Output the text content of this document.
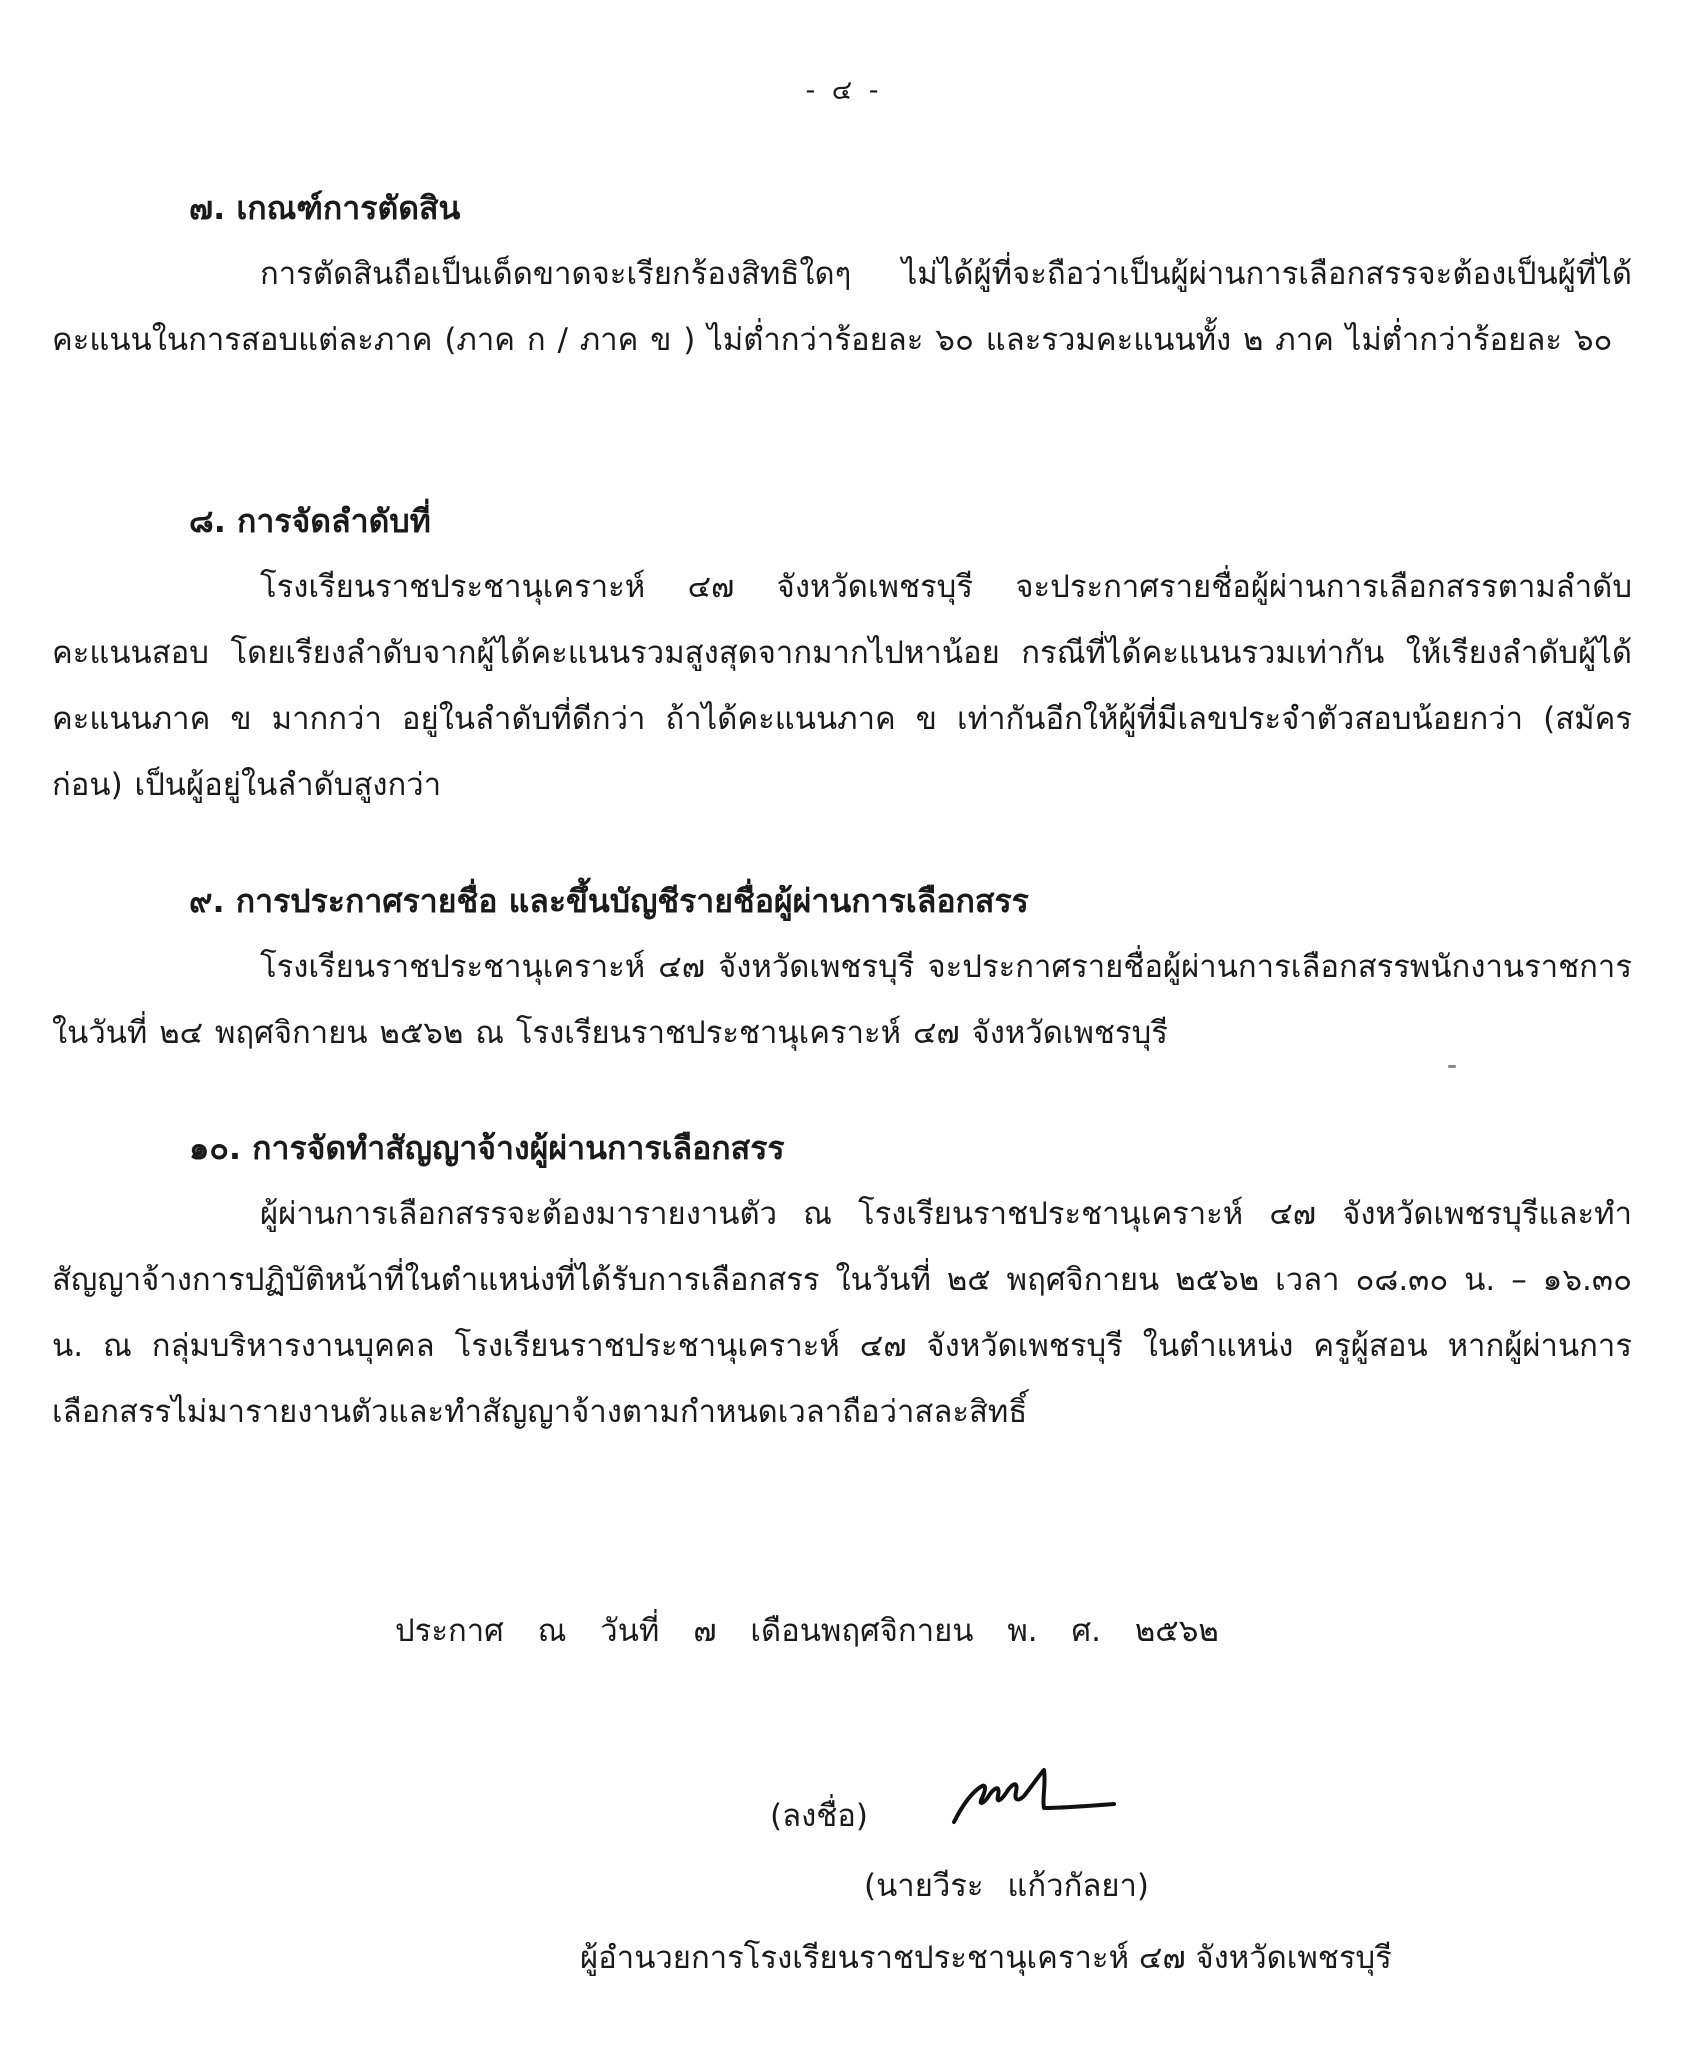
- ๔ -

๗. เกณฑ์การตัดสิน

การตัดสินถือเป็นเด็ดขาดจะเรียกร้องสิทธิใดๆ ไม่ได้ผู้ที่จะถือว่าเป็นผู้ผ่านการเลือกสรรจะต้องเป็นผู้ที่ได้คะแนนในการสอบแต่ละภาค (ภาค ก / ภาค ข ) ไม่ต่ำกว่าร้อยละ ๖๐ และรวมคะแนนทั้ง ๒ ภาค ไม่ต่ำกว่าร้อยละ ๖๐

๘. การจัดลำดับที่

โรงเรียนราชประชานุเคราะห์ ๔๗ จังหวัดเพชรบุรี จะประกาศรายชื่อผู้ผ่านการเลือกสรรตามลำดับคะแนนสอบ โดยเรียงลำดับจากผู้ได้คะแนนรวมสูงสุดจากมากไปหาน้อย กรณีที่ได้คะแนนรวมเท่ากัน ให้เรียงลำดับผู้ได้คะแนนภาค ข มากกว่า อยู่ในลำดับที่ดีกว่า ถ้าได้คะแนนภาค ข เท่ากันอีกให้ผู้ที่มีเลขประจำตัวสอบน้อยกว่า (สมัครก่อน) เป็นผู้อยู่ในลำดับสูงกว่า

๙. การประกาศรายชื่อ และขึ้นบัญชีรายชื่อผู้ผ่านการเลือกสรร

โรงเรียนราชประชานุเคราะห์ ๔๗ จังหวัดเพชรบุรี จะประกาศรายชื่อผู้ผ่านการเลือกสรรพนักงานราชการ ในวันที่ ๒๔ พฤศจิกายน ๒๕๖๒ ณ โรงเรียนราชประชานุเคราะห์ ๔๗ จังหวัดเพชรบุรี

๑๐. การจัดทำสัญญาจ้างผู้ผ่านการเลือกสรร

ผู้ผ่านการเลือกสรรจะต้องมารายงานตัว ณ โรงเรียนราชประชานุเคราะห์ ๔๗ จังหวัดเพชรบุรีและทำสัญญาจ้างการปฏิบัติหน้าที่ในตำแหน่งที่ได้รับการเลือกสรร ในวันที่ ๒๕ พฤศจิกายน ๒๕๖๒ เวลา ๐๘.๓๐ น. – ๑๖.๓๐ น. ณ กลุ่มบริหารงานบุคคล โรงเรียนราชประชานุเคราะห์ ๔๗ จังหวัดเพชรบุรี ในตำแหน่ง ครูผู้สอน หากผู้ผ่านการเลือกสรรไม่มารายงานตัวและทำสัญญาจ้างตามกำหนดเวลาถือว่าสละสิทธิ์

ประกาศ ณ วันที่ ๗ เดือนพฤศจิกายน พ. ศ. ๒๕๖๒
(ลงชื่อ)
(นายวีระ แก้วกัลยา)
ผู้อำนวยการโรงเรียนราชประชานุเคราะห์ ๔๗ จังหวัดเพชรบุรี
